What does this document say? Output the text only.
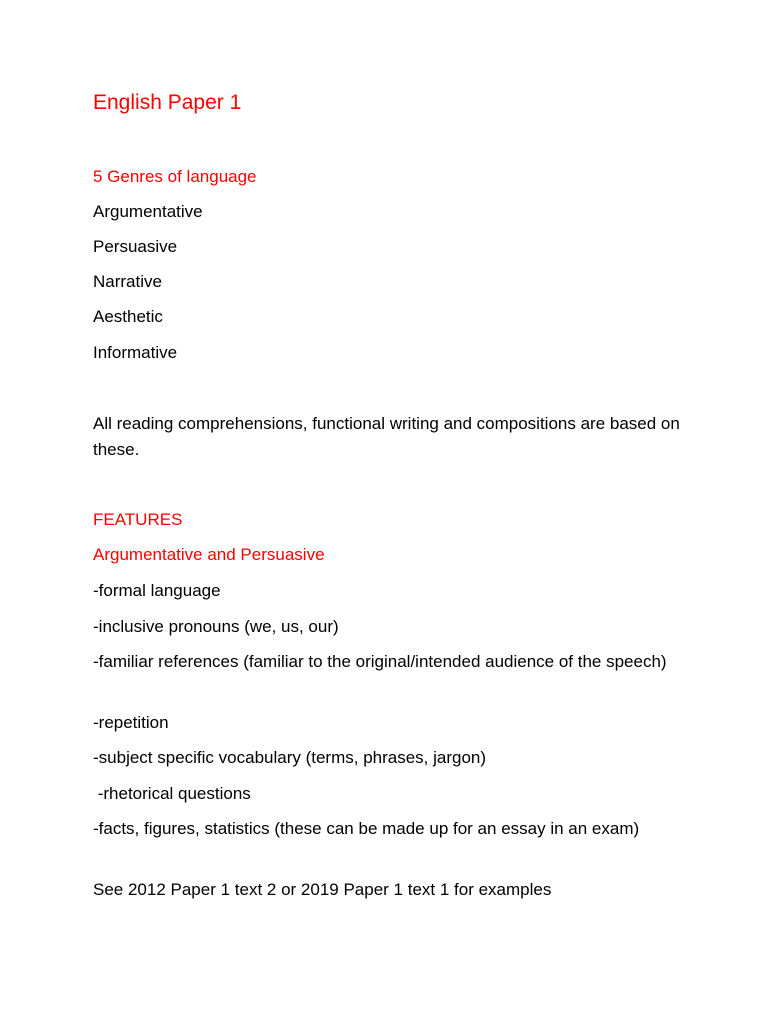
English Paper 1

5 Genres of language

Argumentative

Persuasive

Narrative

Aesthetic

Informative

All reading comprehensions, functional writing and compositions are based on these.

FEATURES

Argumentative and Persuasive

-formal language

-inclusive pronouns (we, us, our)

-familiar references (familiar to the original/intended audience of the speech)

-repetition

-subject specific vocabulary (terms, phrases, jargon)

-rhetorical questions

-facts, figures, statistics (these can be made up for an essay in an exam)

See 2012 Paper 1 text 2 or 2019 Paper 1 text 1 for examples
